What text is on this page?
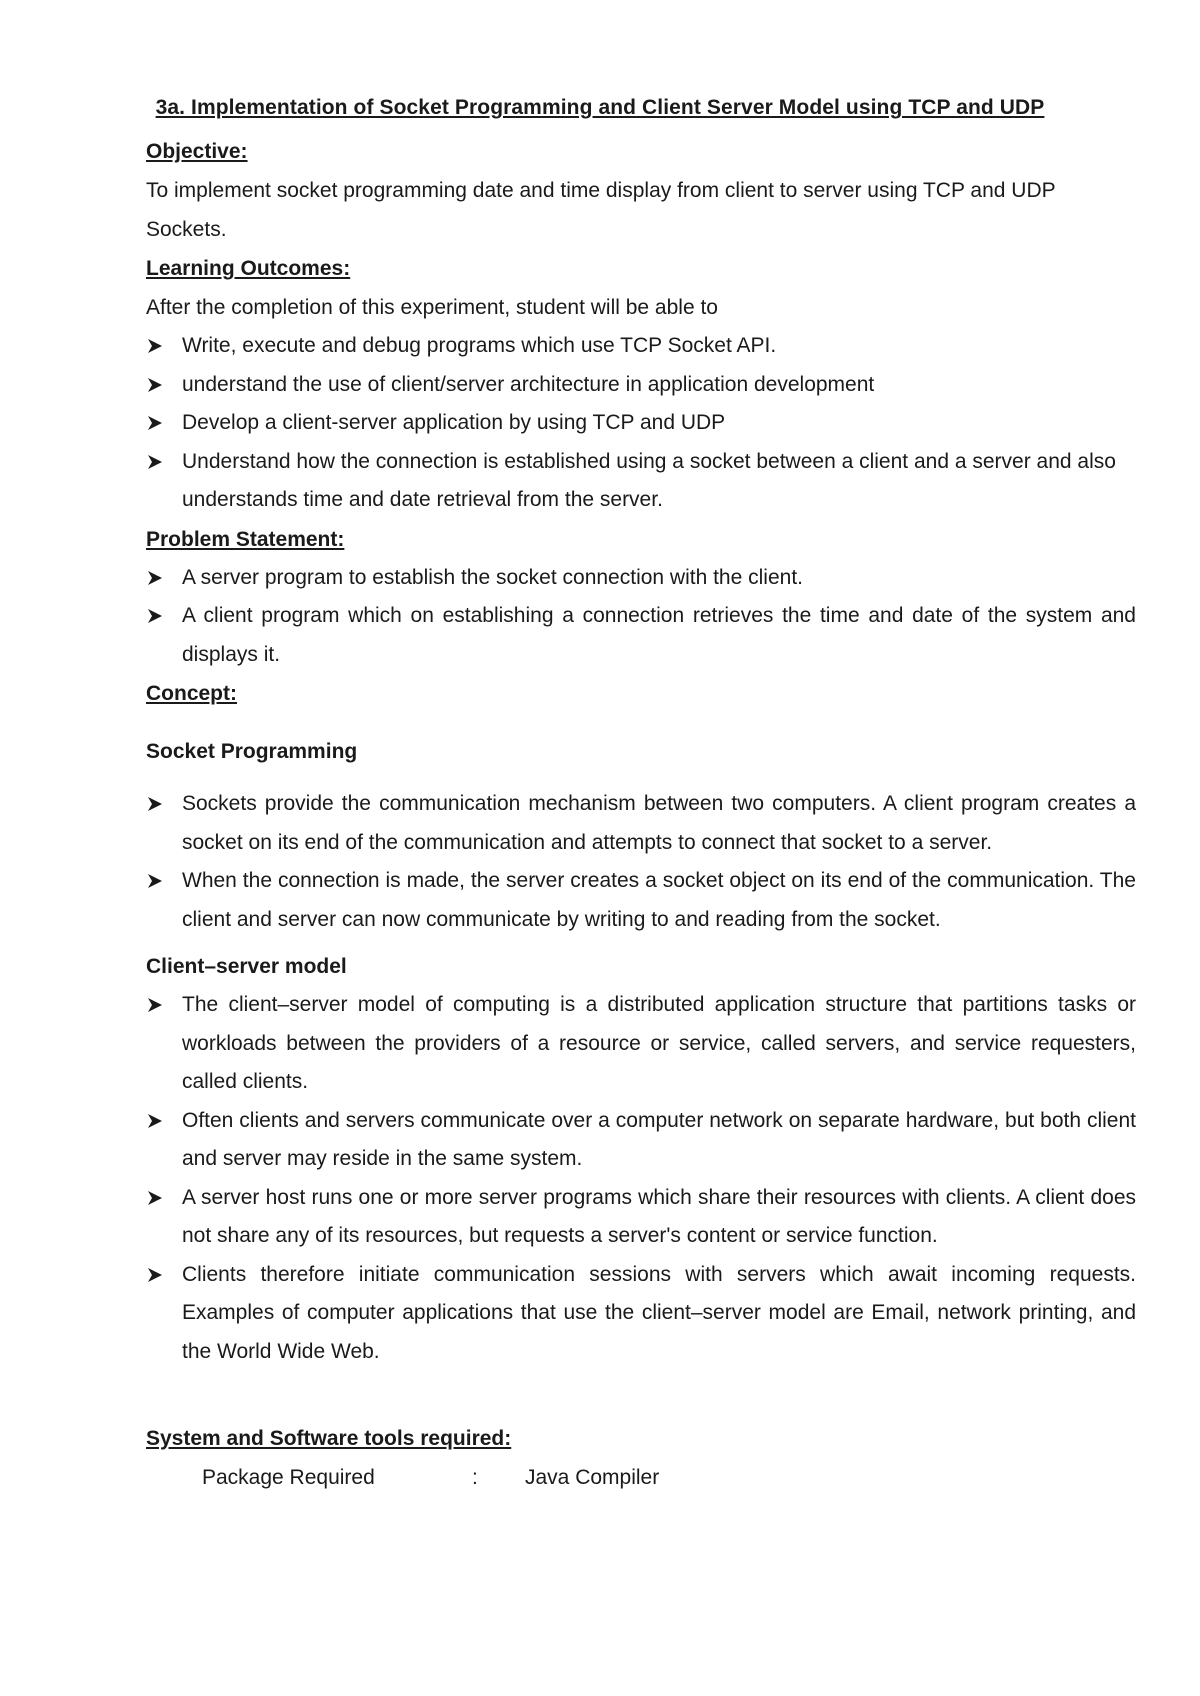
3a. Implementation of Socket Programming and Client Server Model using TCP and UDP
Objective:

To implement socket programming date and time display from client to server using TCP and UDP

Sockets.

Learning Outcomes:

After the completion of this experiment, student will be able to

Write, execute and debug programs which use TCP Socket API.
understand the use of client/server architecture in application development
Develop a client-server application by using TCP and UDP
Understand how the connection is established using a socket between a client and a server and also understands time and date retrieval from the server.
Problem Statement:
A server program to establish the socket connection with the client.
A client program which on establishing a connection retrieves the time and date of the system and displays it.
Concept:
Socket Programming
Sockets provide the communication mechanism between two computers. A client program creates a socket on its end of the communication and attempts to connect that socket to a server.
When the connection is made, the server creates a socket object on its end of the communication. The client and server can now communicate by writing to and reading from the socket.
Client–server model
The client–server model of computing is a distributed application structure that partitions tasks or workloads between the providers of a resource or service, called servers, and service requesters, called clients.
Often clients and servers communicate over a computer network on separate hardware, but both client and server may reside in the same system.
A server host runs one or more server programs which share their resources with clients. A client does not share any of its resources, but requests a server's content or service function.
Clients therefore initiate communication sessions with servers which await incoming requests. Examples of computer applications that use the client–server model are Email, network printing, and the World Wide Web.
System and Software tools required:
Package Required	: Java Compiler
